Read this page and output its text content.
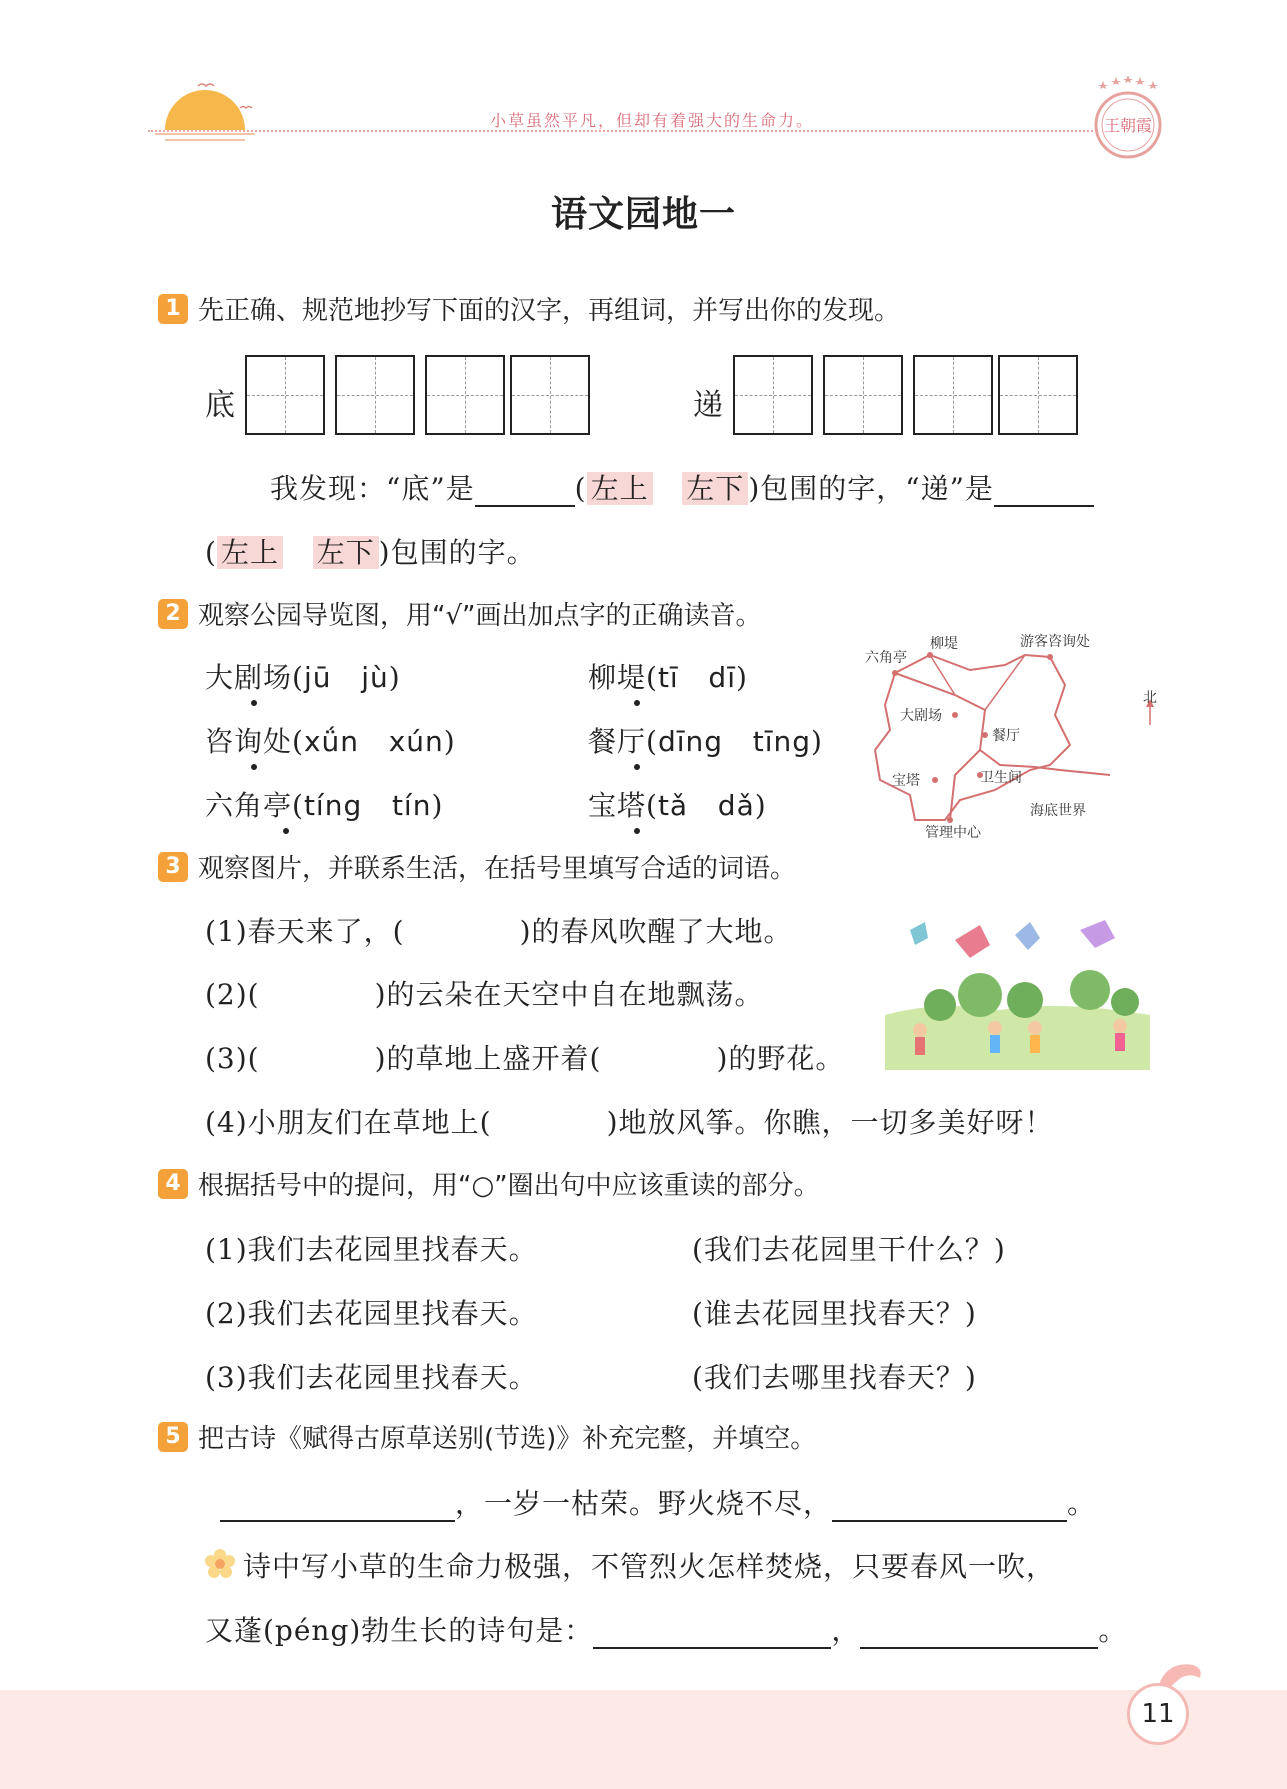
小草虽然平凡，但却有着强大的生命力。	王朝霞
语文园地一
1 先正确、规范地抄写下面的汉字，再组词，并写出你的发现。
底	递
我发现：“底”是	( 左上 左下 )包围的字，“递”是
( 左上 左下 )包围的字。
2 观察公园导览图，用“√”画出加点字的正确读音。
大剧场(jū jù)	柳堤(tī dī)
咨询处(xǘn xún)	餐厅(dīng tīng)
六角亭(tíng tín)	宝塔(tǎ dǎ)
六角亭
柳堤	游客咨询处
北
大剧场
餐厅
宝塔	卫生间
海底世界
管理中心
3 观察图片，并联系生活，在括号里填写合适的词语。
(1)春天来了，(	)的春风吹醒了大地。
(2)(	)的云朵在天空中自在地飘荡。
(3)(	)的草地上盛开着(	)的野花。
(4)小朋友们在草地上(	)地放风筝。你瞧，一切多美好呀！
4 根据括号中的提问，用“○”圈出句中应该重读的部分。
(1)我们去花园里找春天。	(我们去花园里干什么？)
(2)我们去花园里找春天。	(谁去花园里找春天？)
(3)我们去花园里找春天。	(我们去哪里找春天？)
5 把古诗《赋得古原草送别(节选)》补充完整，并填空。
，一岁一枯荣。野火烧不尽，	。
诗中写小草的生命力极强，不管烈火怎样焚烧，只要春风一吹，
又蓬(péng)勃生长的诗句是：	，	。
11
